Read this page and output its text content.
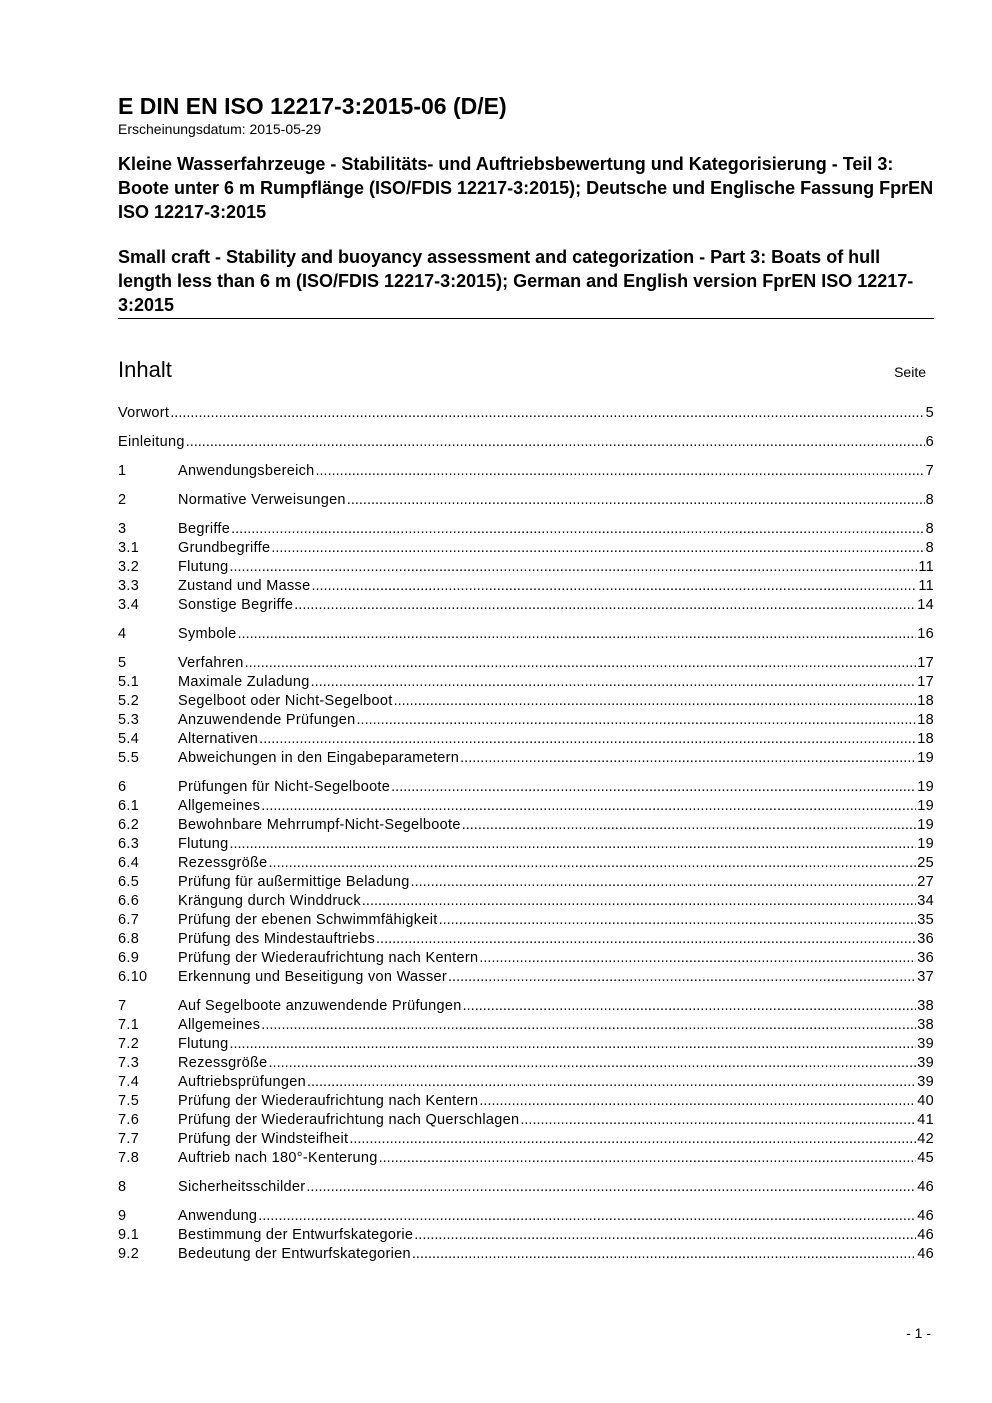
E DIN EN ISO 12217-3:2015-06 (D/E)

Erscheinungsdatum: 2015-05-29

Kleine Wasserfahrzeuge - Stabilitäts- und Auftriebsbewertung und Kategorisierung - Teil 3: Boote unter 6 m Rumpflänge (ISO/FDIS 12217-3:2015); Deutsche und Englische Fassung FprEN ISO 12217-3:2015

Small craft - Stability and buoyancy assessment and categorization - Part 3: Boats of hull length less than 6 m (ISO/FDIS 12217-3:2015); German and English version FprEN ISO 12217-3:2015

Inhalt	Seite
Vorwort .....	5
Einleitung .....	6
1	Anwendungsbereich .....	7
2	Normative Verweisungen .....	8
3	Begriffe .....	8
3.1	Grundbegriffe .....	8
3.2	Flutung .....	11
3.3	Zustand und Masse .....	11
3.4	Sonstige Begriffe .....	14
4	Symbole .....	16
5	Verfahren .....	17
5.1	Maximale Zuladung .....	17
5.2	Segelboot oder Nicht-Segelboot .....	18
5.3	Anzuwendende Prüfungen .....	18
5.4	Alternativen .....	18
5.5	Abweichungen in den Eingabeparametern .....	19
6	Prüfungen für Nicht-Segelboote .....	19
6.1	Allgemeines .....	19
6.2	Bewohnbare Mehrrumpf-Nicht-Segelboote .....	19
6.3	Flutung .....	19
6.4	Rezessgröße .....	25
6.5	Prüfung für außermittige Beladung .....	27
6.6	Krängung durch Winddruck .....	34
6.7	Prüfung der ebenen Schwimmfähigkeit .....	35
6.8	Prüfung des Mindestauftriebs .....	36
6.9	Prüfung der Wiederaufrichtung nach Kentern .....	36
6.10	Erkennung und Beseitigung von Wasser .....	37
7	Auf Segelboote anzuwendende Prüfungen .....	38
7.1	Allgemeines .....	38
7.2	Flutung .....	39
7.3	Rezessgröße .....	39
7.4	Auftriebsprüfungen .....	39
7.5	Prüfung der Wiederaufrichtung nach Kentern .....	40
7.6	Prüfung der Wiederaufrichtung nach Querschlagen .....	41
7.7	Prüfung der Windsteifheit .....	42
7.8	Auftrieb nach 180°-Kenterung .....	45
8	Sicherheitsschilder .....	46
9	Anwendung .....	46
9.1	Bestimmung der Entwurfskategorie .....	46
9.2	Bedeutung der Entwurfskategorien .....	46
- 1 -
